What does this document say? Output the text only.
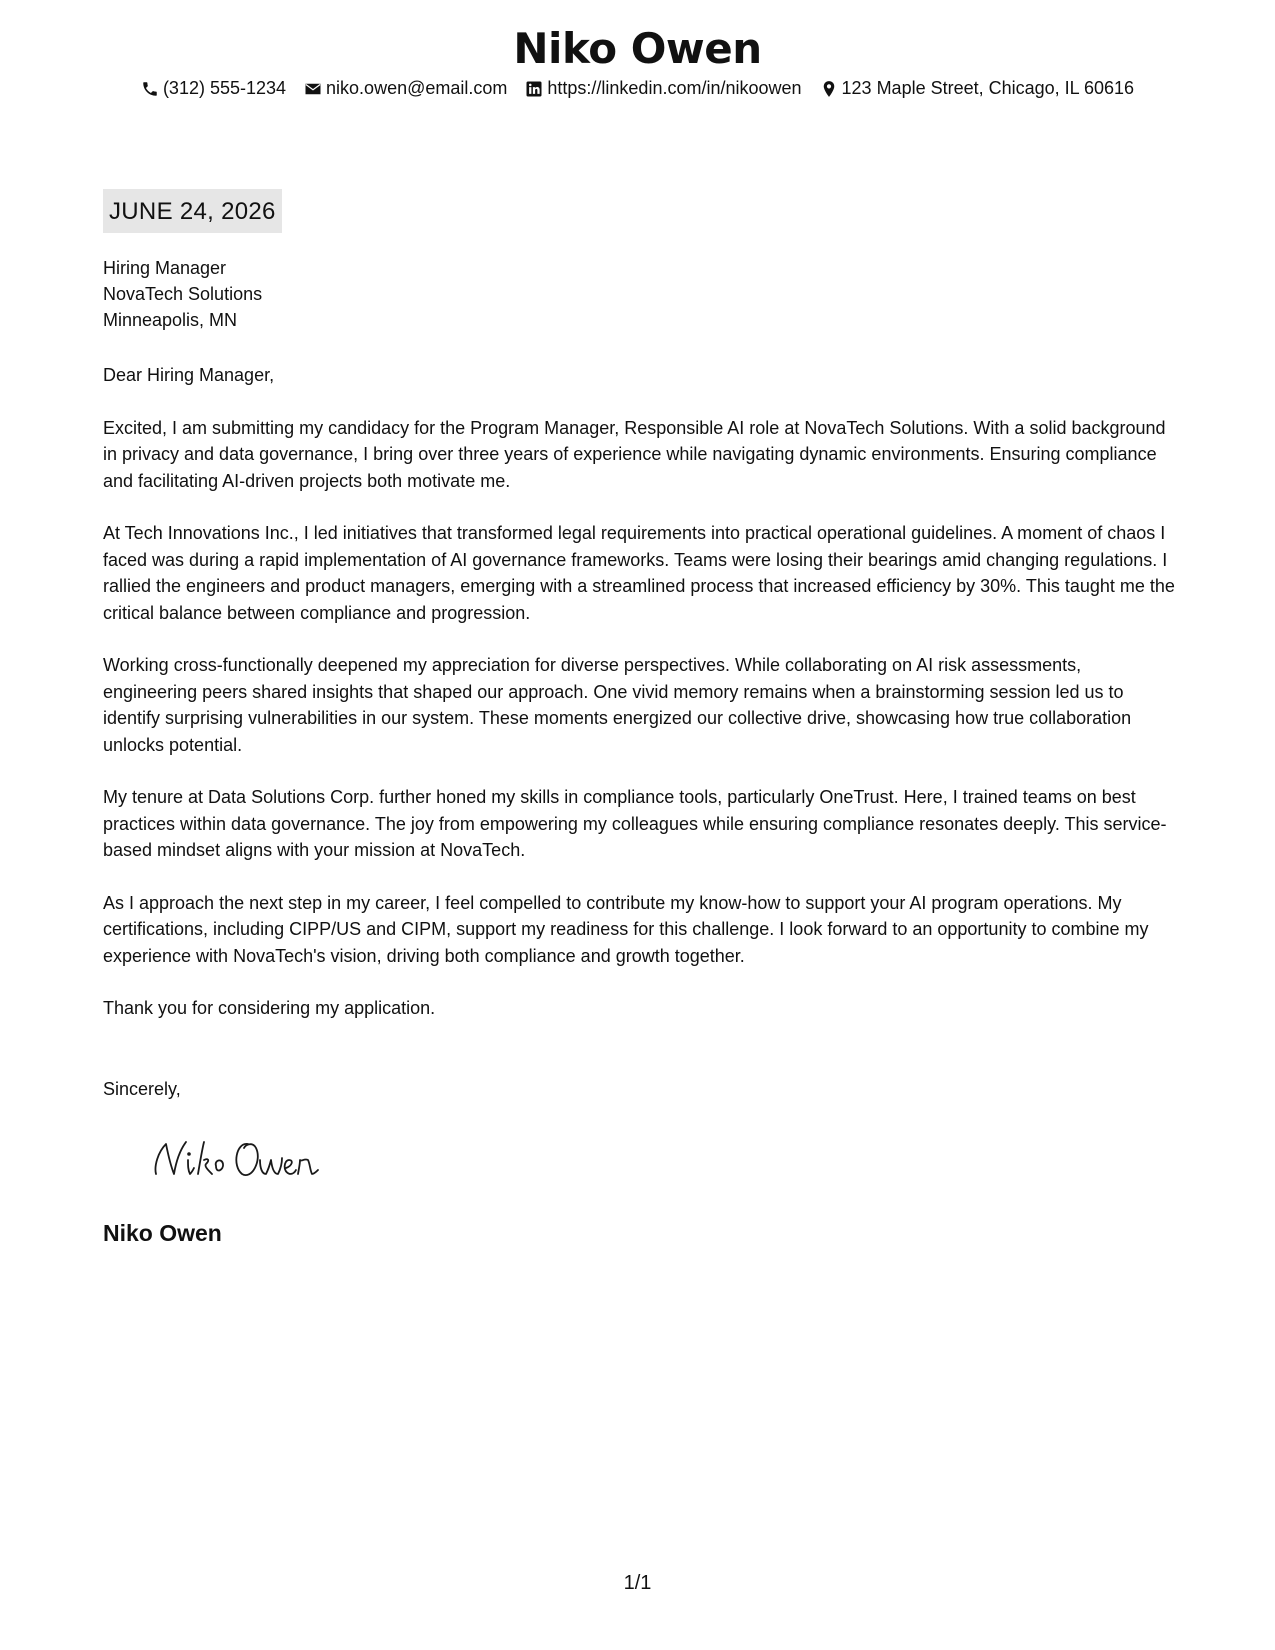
Niko Owen
(312) 555-1234 niko.owen@email.com https://linkedin.com/in/nikoowen 123 Maple Street, Chicago, IL 60616
JUNE 24, 2026
Hiring Manager
NovaTech Solutions
Minneapolis, MN

Dear Hiring Manager,

Excited, I am submitting my candidacy for the Program Manager, Responsible AI role at NovaTech Solutions. With a solid background in privacy and data governance, I bring over three years of experience while navigating dynamic environments. Ensuring compliance and facilitating AI-driven projects both motivate me.

At Tech Innovations Inc., I led initiatives that transformed legal requirements into practical operational guidelines. A moment of chaos I faced was during a rapid implementation of AI governance frameworks. Teams were losing their bearings amid changing regulations. I rallied the engineers and product managers, emerging with a streamlined process that increased efficiency by 30%. This taught me the critical balance between compliance and progression.

Working cross-functionally deepened my appreciation for diverse perspectives. While collaborating on AI risk assessments, engineering peers shared insights that shaped our approach. One vivid memory remains when a brainstorming session led us to identify surprising vulnerabilities in our system. These moments energized our collective drive, showcasing how true collaboration unlocks potential.

My tenure at Data Solutions Corp. further honed my skills in compliance tools, particularly OneTrust. Here, I trained teams on best practices within data governance. The joy from empowering my colleagues while ensuring compliance resonates deeply. This service-based mindset aligns with your mission at NovaTech.

As I approach the next step in my career, I feel compelled to contribute my know-how to support your AI program operations. My certifications, including CIPP/US and CIPM, support my readiness for this challenge. I look forward to an opportunity to combine my experience with NovaTech's vision, driving both compliance and growth together.

Thank you for considering my application.

Sincerely,
Niko Owen
1/1
